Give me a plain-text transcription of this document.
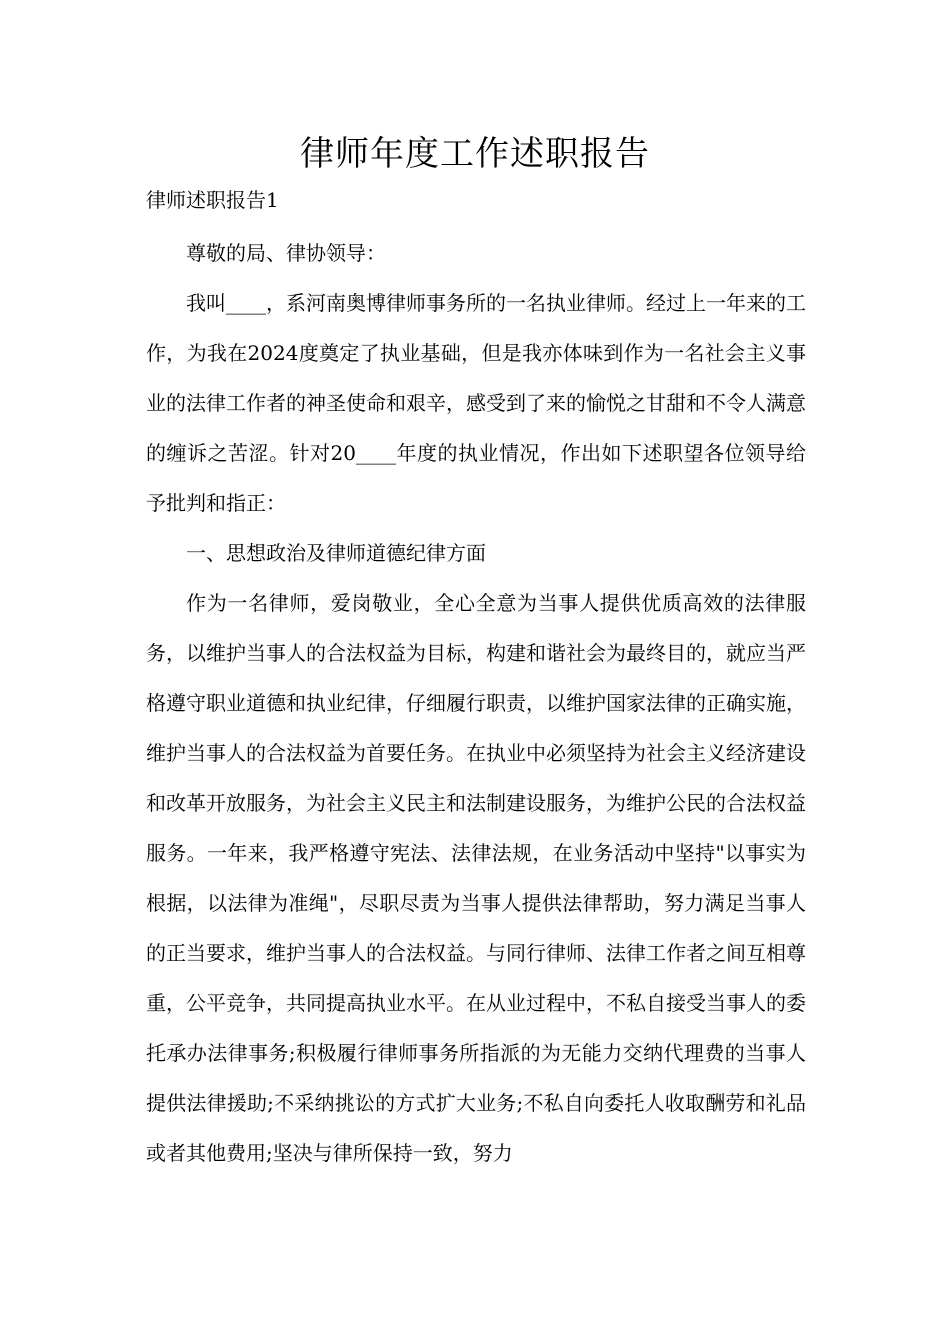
律师年度工作述职报告
律师述职报告1

尊敬的局、律协领导：

我叫____，系河南奥博律师事务所的一名执业律师。经过上一年来的工作，为我在2024度奠定了执业基础，但是我亦体味到作为一名社会主义事业的法律工作者的神圣使命和艰辛，感受到了来的愉悦之甘甜和不令人满意的缠诉之苦涩。针对20____年度的执业情况，作出如下述职望各位领导给予批判和指正：

一、思想政治及律师道德纪律方面

作为一名律师，爱岗敬业，全心全意为当事人提供优质高效的法律服务，以维护当事人的合法权益为目标，构建和谐社会为最终目的，就应当严格遵守职业道德和执业纪律，仔细履行职责，以维护国家法律的正确实施，维护当事人的合法权益为首要任务。在执业中必须坚持为社会主义经济建设和改革开放服务，为社会主义民主和法制建设服务，为维护公民的合法权益服务。一年来，我严格遵守宪法、法律法规，在业务活动中坚持"以事实为根据，以法律为准绳"，尽职尽责为当事人提供法律帮助，努力满足当事人的正当要求，维护当事人的合法权益。与同行律师、法律工作者之间互相尊重，公平竞争，共同提高执业水平。在从业过程中，不私自接受当事人的委托承办法律事务;积极履行律师事务所指派的为无能力交纳代理费的当事人提供法律援助;不采纳挑讼的方式扩大业务;不私自向委托人收取酬劳和礼品或者其他费用;坚决与律所保持一致，努力
